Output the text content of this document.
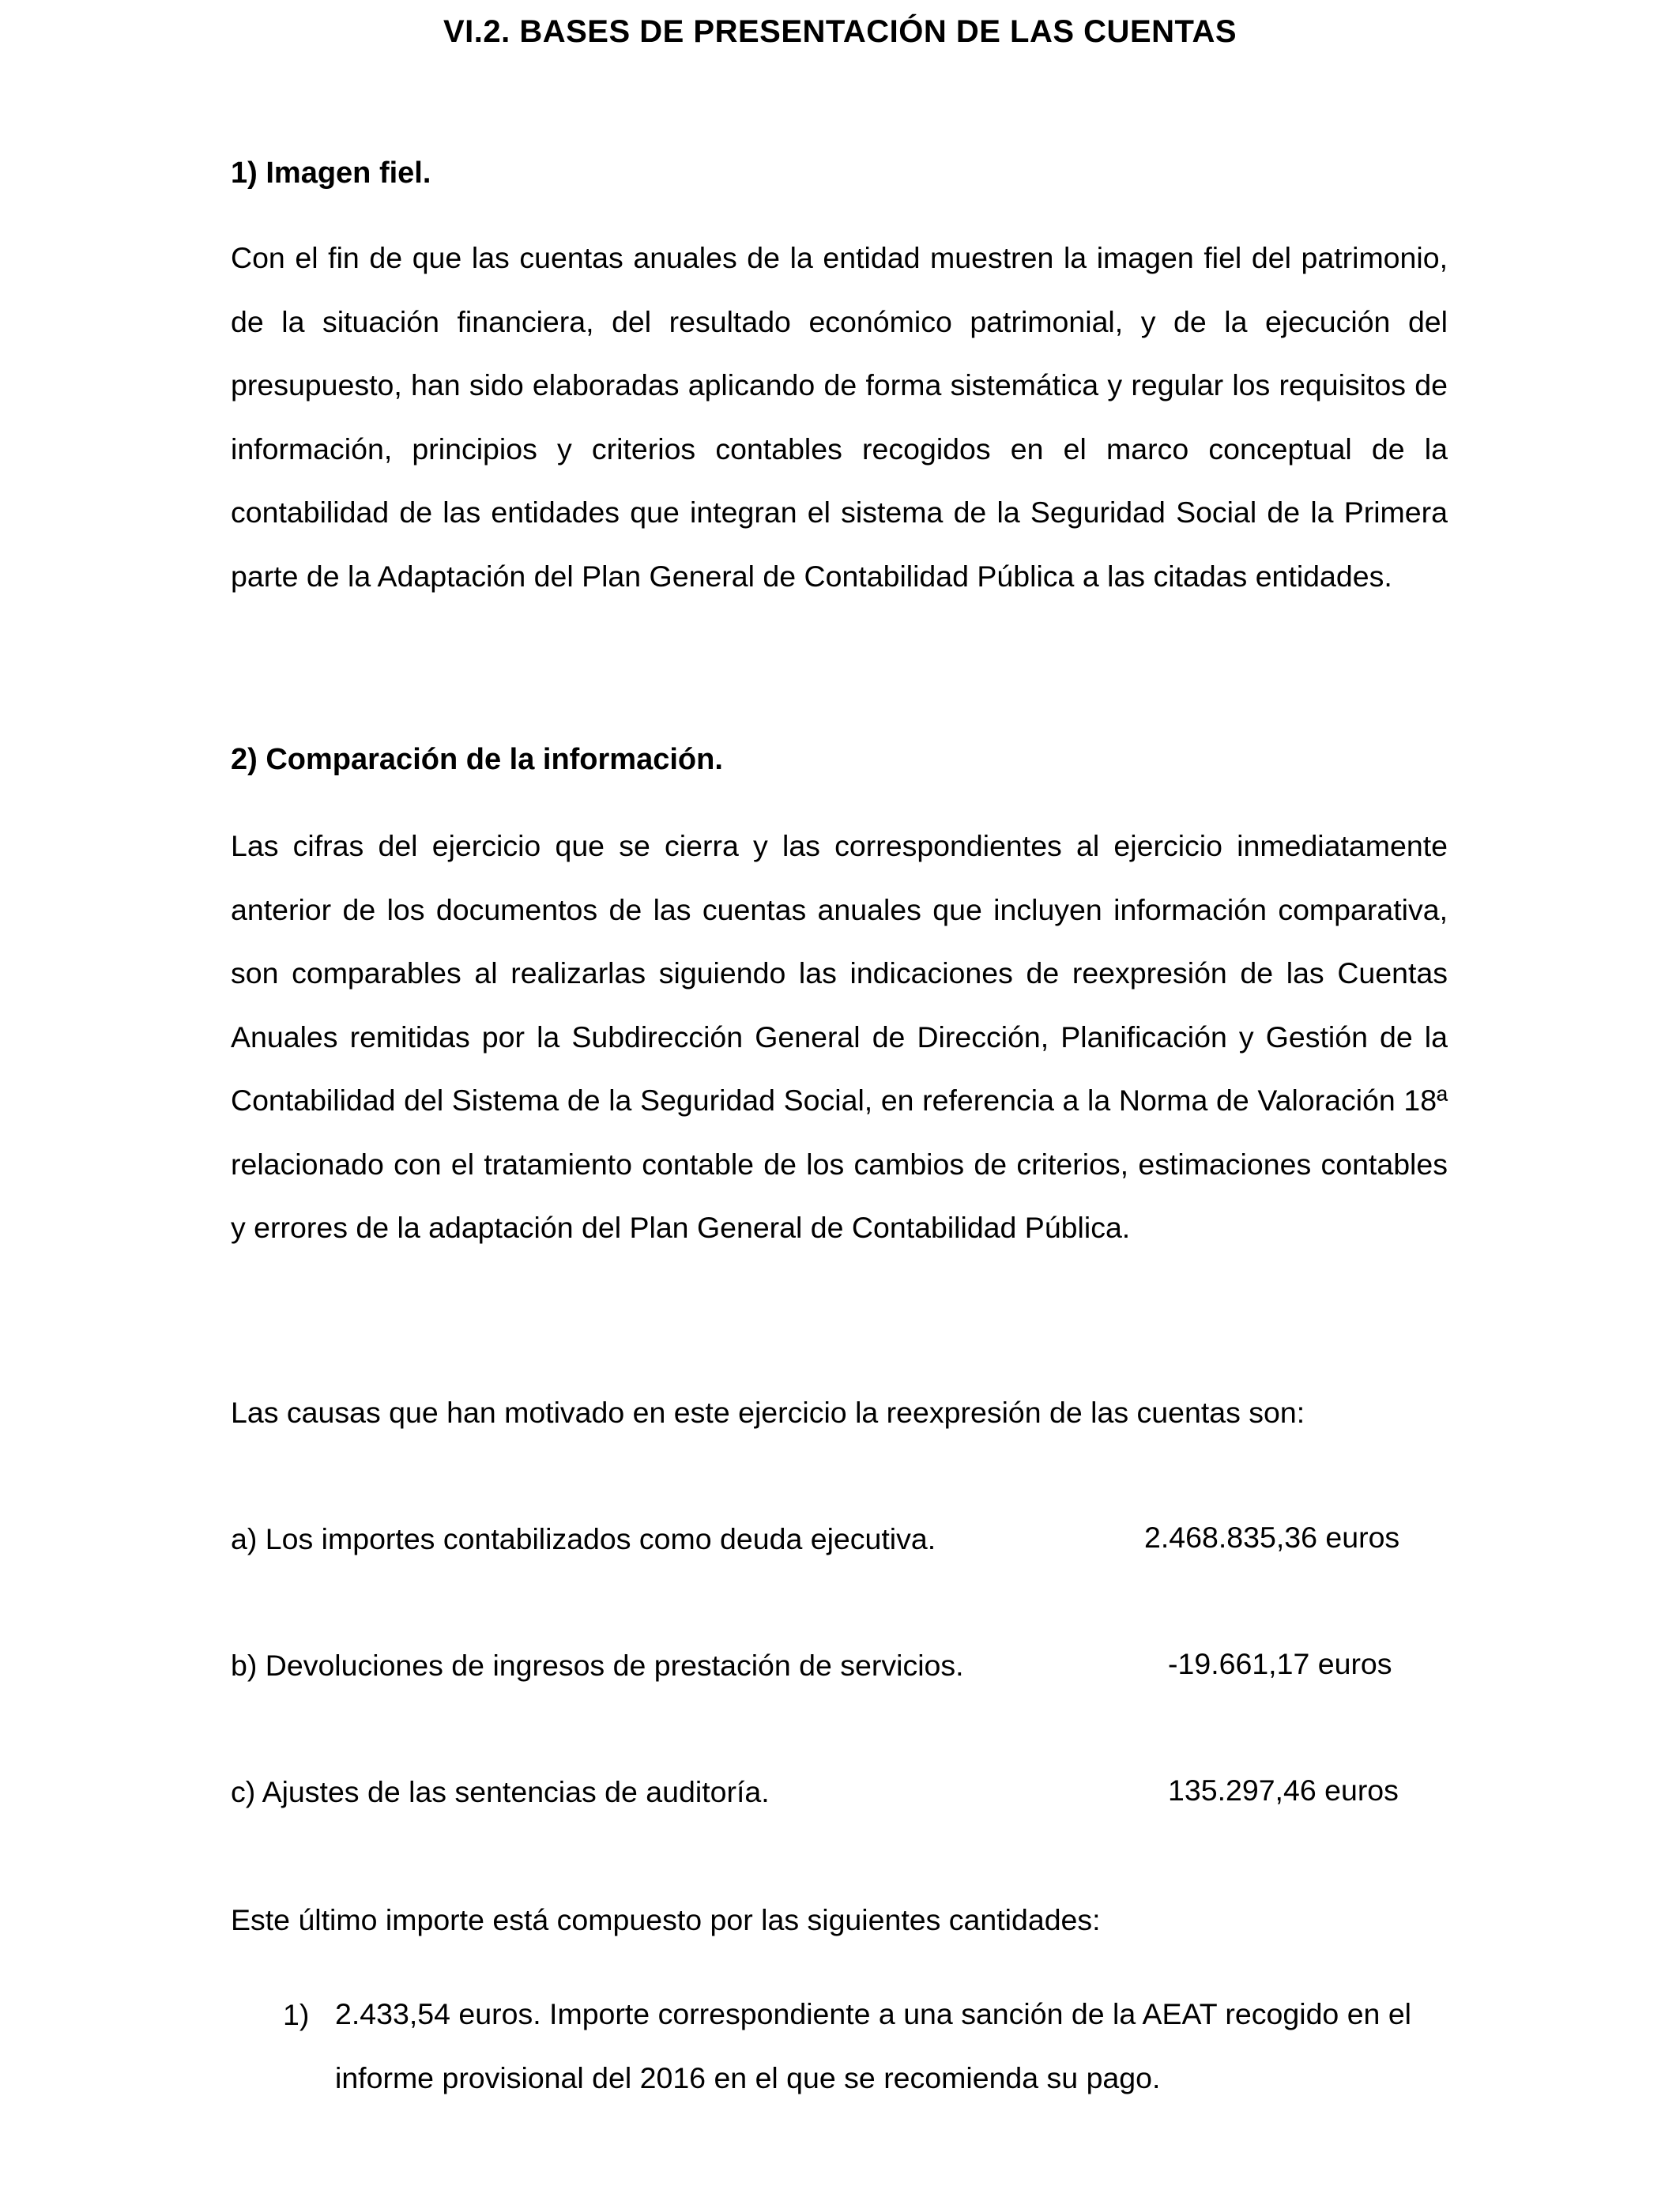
VI.2. BASES DE PRESENTACIÓN DE LAS CUENTAS
1) Imagen fiel.

Con el fin de que las cuentas anuales de la entidad muestren la imagen fiel del patrimonio, de la situación financiera, del resultado económico patrimonial, y de la ejecución del presupuesto, han sido elaboradas aplicando de forma sistemática y regular los requisitos de información, principios y criterios contables recogidos en el marco conceptual de la contabilidad de las entidades que integran el sistema de la Seguridad Social de la Primera parte de la Adaptación del Plan General de Contabilidad Pública a las citadas entidades.

2) Comparación de la información.

Las cifras del ejercicio que se cierra y las correspondientes al ejercicio inmediatamente anterior de los documentos de las cuentas anuales que incluyen información comparativa, son comparables al realizarlas siguiendo las indicaciones de reexpresión de las Cuentas Anuales remitidas por la Subdirección General de Dirección, Planificación y Gestión de la Contabilidad del Sistema de la Seguridad Social, en referencia a la Norma de Valoración 18ª relacionado con el tratamiento contable de los cambios de criterios, estimaciones contables y errores de la adaptación del Plan General de Contabilidad Pública.

Las causas que han motivado en este ejercicio la reexpresión de las cuentas son:
a) Los importes contabilizados como deuda ejecutiva.	2.468.835,36 euros
b) Devoluciones de ingresos de prestación de servicios.	-19.661,17 euros
c) Ajustes de las sentencias de auditoría.	135.297,46 euros
Este último importe está compuesto por las siguientes cantidades:
1) 2.433,54 euros. Importe correspondiente a una sanción de la AEAT recogido en el informe provisional del 2016 en el que se recomienda su pago.
